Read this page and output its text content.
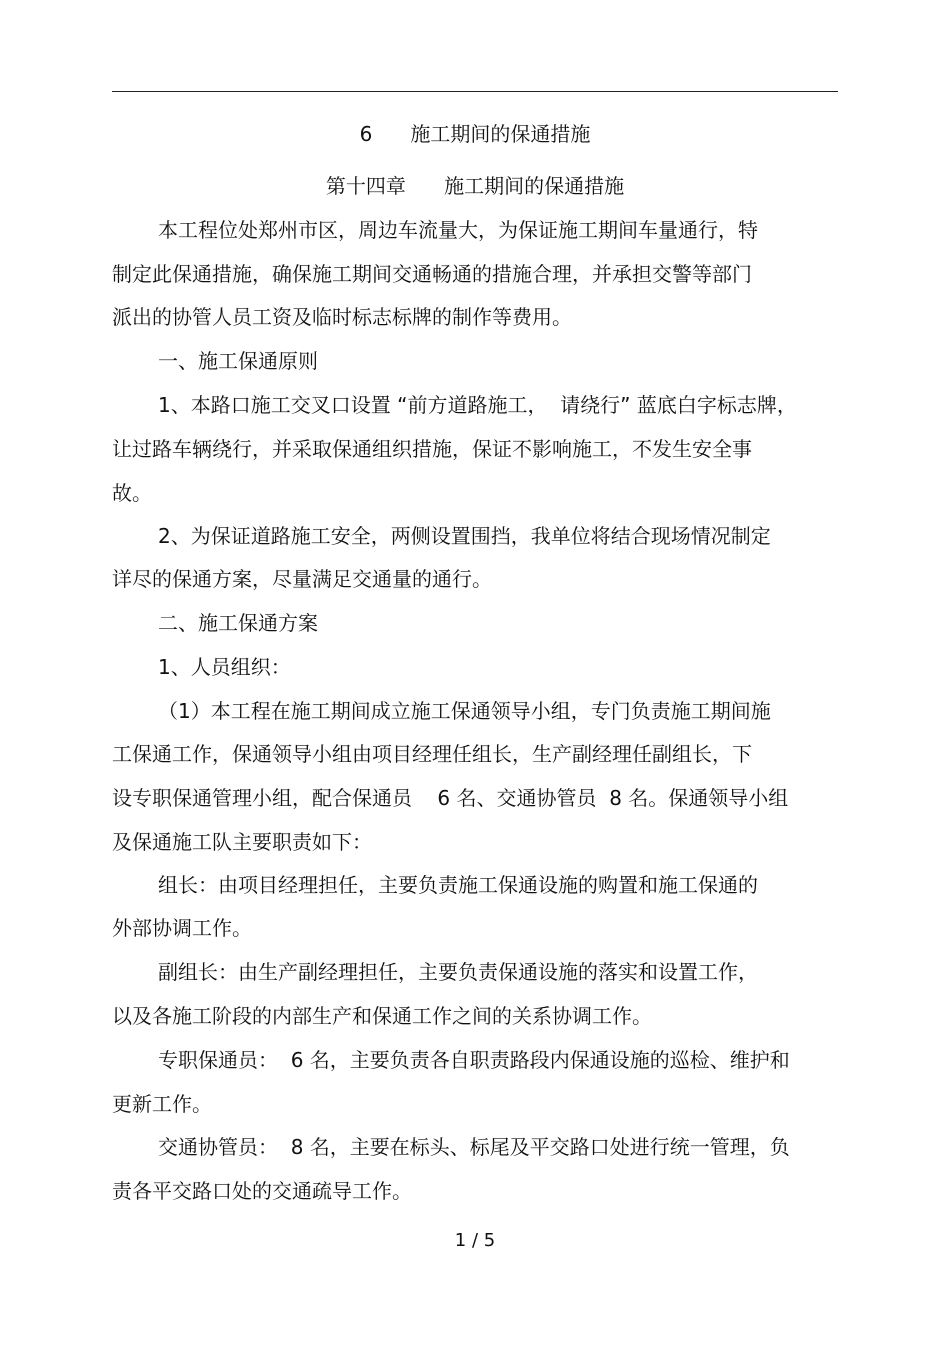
6      施工期间的保通措施
第十四章      施工期间的保通措施
本工程位处郑州市区，周边车流量大，为保证施工期间车量通行，特
制定此保通措施，确保施工期间交通畅通的措施合理，并承担交警等部门
派出的协管人员工资及临时标志标牌的制作等费用。
一、施工保通原则
1、本路口施工交叉口设置 “前方道路施工，  请绕行” 蓝底白字标志牌，
让过路车辆绕行，并采取保通组织措施，保证不影响施工，不发生安全事
故。
2、为保证道路施工安全，两侧设置围挡，我单位将结合现场情况制定
详尽的保通方案，尽量满足交通量的通行。
二、施工保通方案
1、人员组织：
（1）本工程在施工期间成立施工保通领导小组，专门负责施工期间施
工保通工作，保通领导小组由项目经理任组长，生产副经理任副组长，下
设专职保通管理小组，配合保通员    6 名、交通协管员  8 名。保通领导小组
及保通施工队主要职责如下：
组长：由项目经理担任，主要负责施工保通设施的购置和施工保通的
外部协调工作。
副组长：由生产副经理担任，主要负责保通设施的落实和设置工作，
以及各施工阶段的内部生产和保通工作之间的关系协调工作。
专职保通员：  6 名，主要负责各自职责路段内保通设施的巡检、维护和
更新工作。
交通协管员：  8 名，主要在标头、标尾及平交路口处进行统一管理，负
责各平交路口处的交通疏导工作。
1 / 5
